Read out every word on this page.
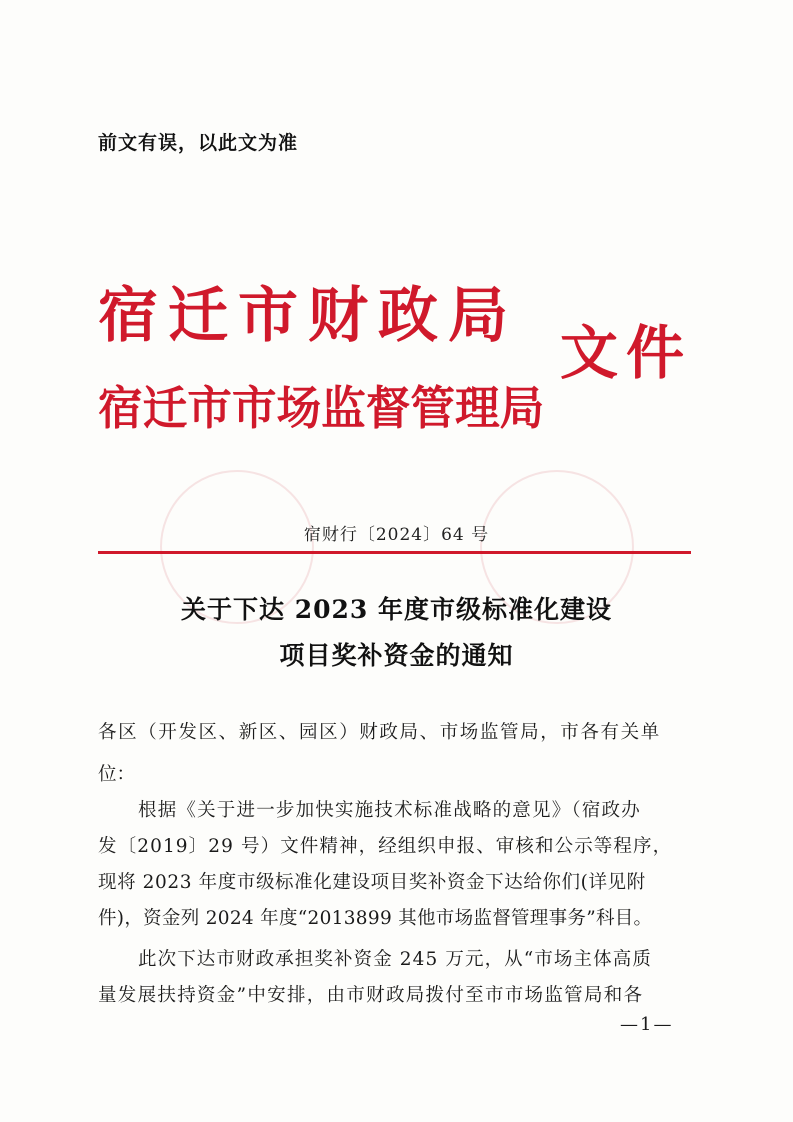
前文有误，以此文为准
宿迁市财政局
宿迁市市场监督管理局
文件
宿财行〔2024〕64 号
关于下达 2023 年度市级标准化建设
项目奖补资金的通知
各区（开发区、新区、园区）财政局、市场监管局，市各有关单
位：
根据《关于进一步加快实施技术标准战略的意见》（宿政办
发〔2019〕29 号）文件精神，经组织申报、审核和公示等程序，
现将 2023 年度市级标准化建设项目奖补资金下达给你们(详见附
件)，资金列 2024 年度“2013899 其他市场监督管理事务”科目。
此次下达市财政承担奖补资金 245 万元，从“市场主体高质
量发展扶持资金”中安排，由市财政局拨付至市市场监管局和各
—1—
